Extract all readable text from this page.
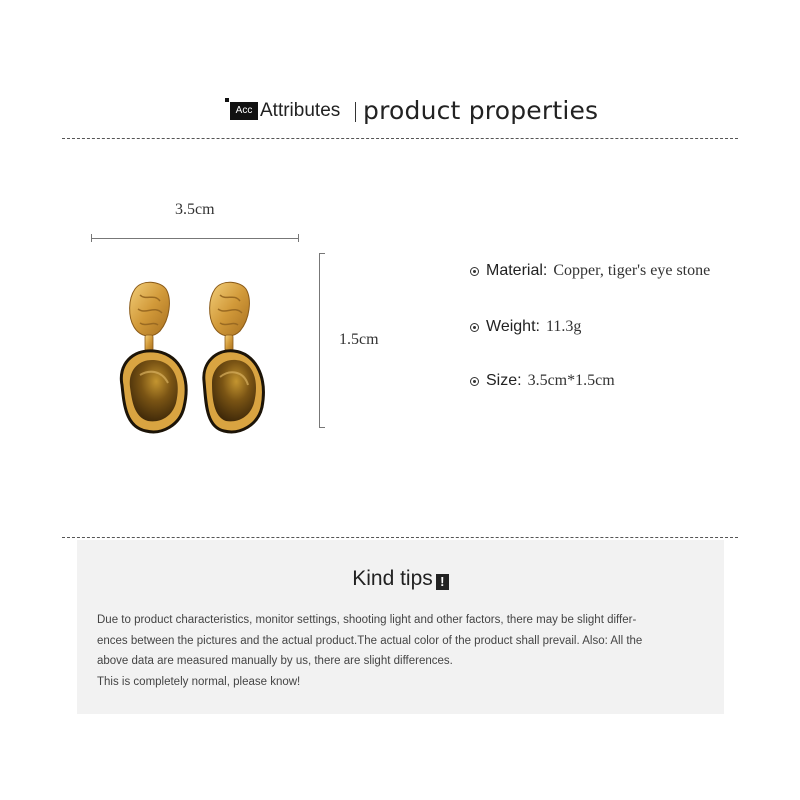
Acc Attributes product properties
3.5cm
1.5cm
Material: Copper, tiger's eye stone
Weight: 11.3g
Size: 3.5cm*1.5cm
Kind tips !

Due to product characteristics, monitor settings, shooting light and other factors, there may be slight differ-

ences between the pictures and the actual product.The actual color of the product shall prevail. Also: All the

above data are measured manually by us, there are slight differences.

This is completely normal, please know!
